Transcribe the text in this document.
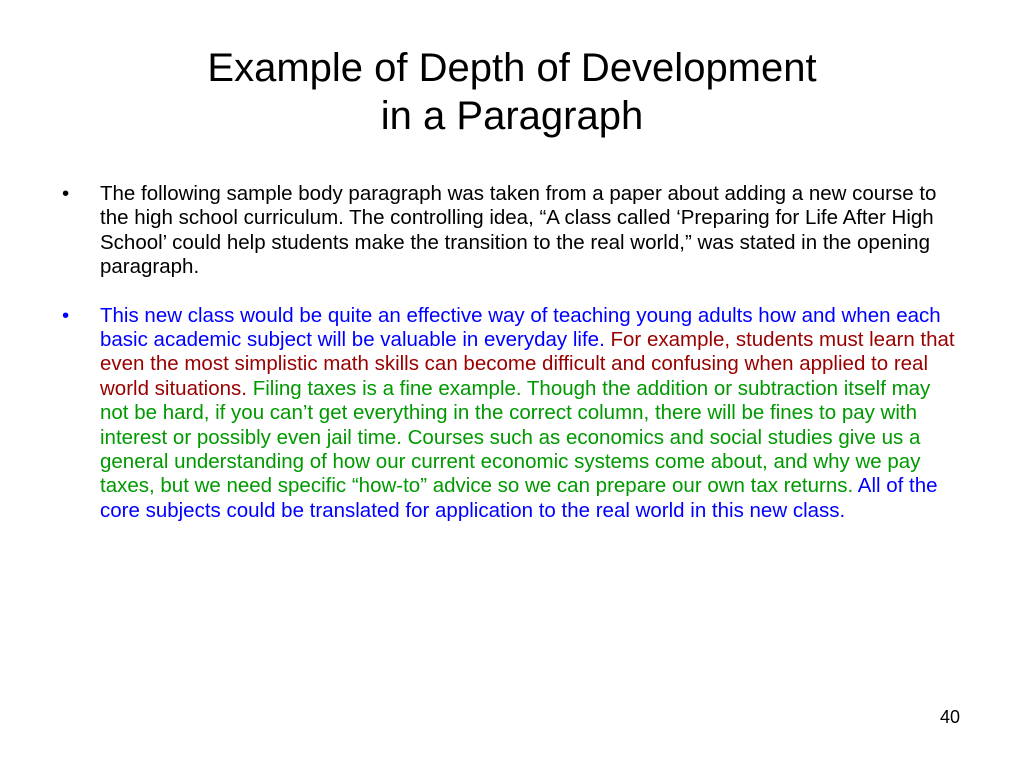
Example of Depth of Development
in a Paragraph
• The following sample body paragraph was taken from a paper about adding a new course to the high school curriculum. The controlling idea, “A class called ‘Preparing for Life After High School’ could help students make the transition to the real world,” was stated in the opening paragraph.
• This new class would be quite an effective way of teaching young adults how and when each basic academic subject will be valuable in everyday life. For example, students must learn that even the most simplistic math skills can become difficult and confusing when applied to real world situations. Filing taxes is a fine example. Though the addition or subtraction itself may not be hard, if you can’t get everything in the correct column, there will be fines to pay with interest or possibly even jail time. Courses such as economics and social studies give us a general understanding of how our current economic systems come about, and why we pay taxes, but we need specific “how-to” advice so we can prepare our own tax returns. All of the core subjects could be translated for application to the real world in this new class.
40
